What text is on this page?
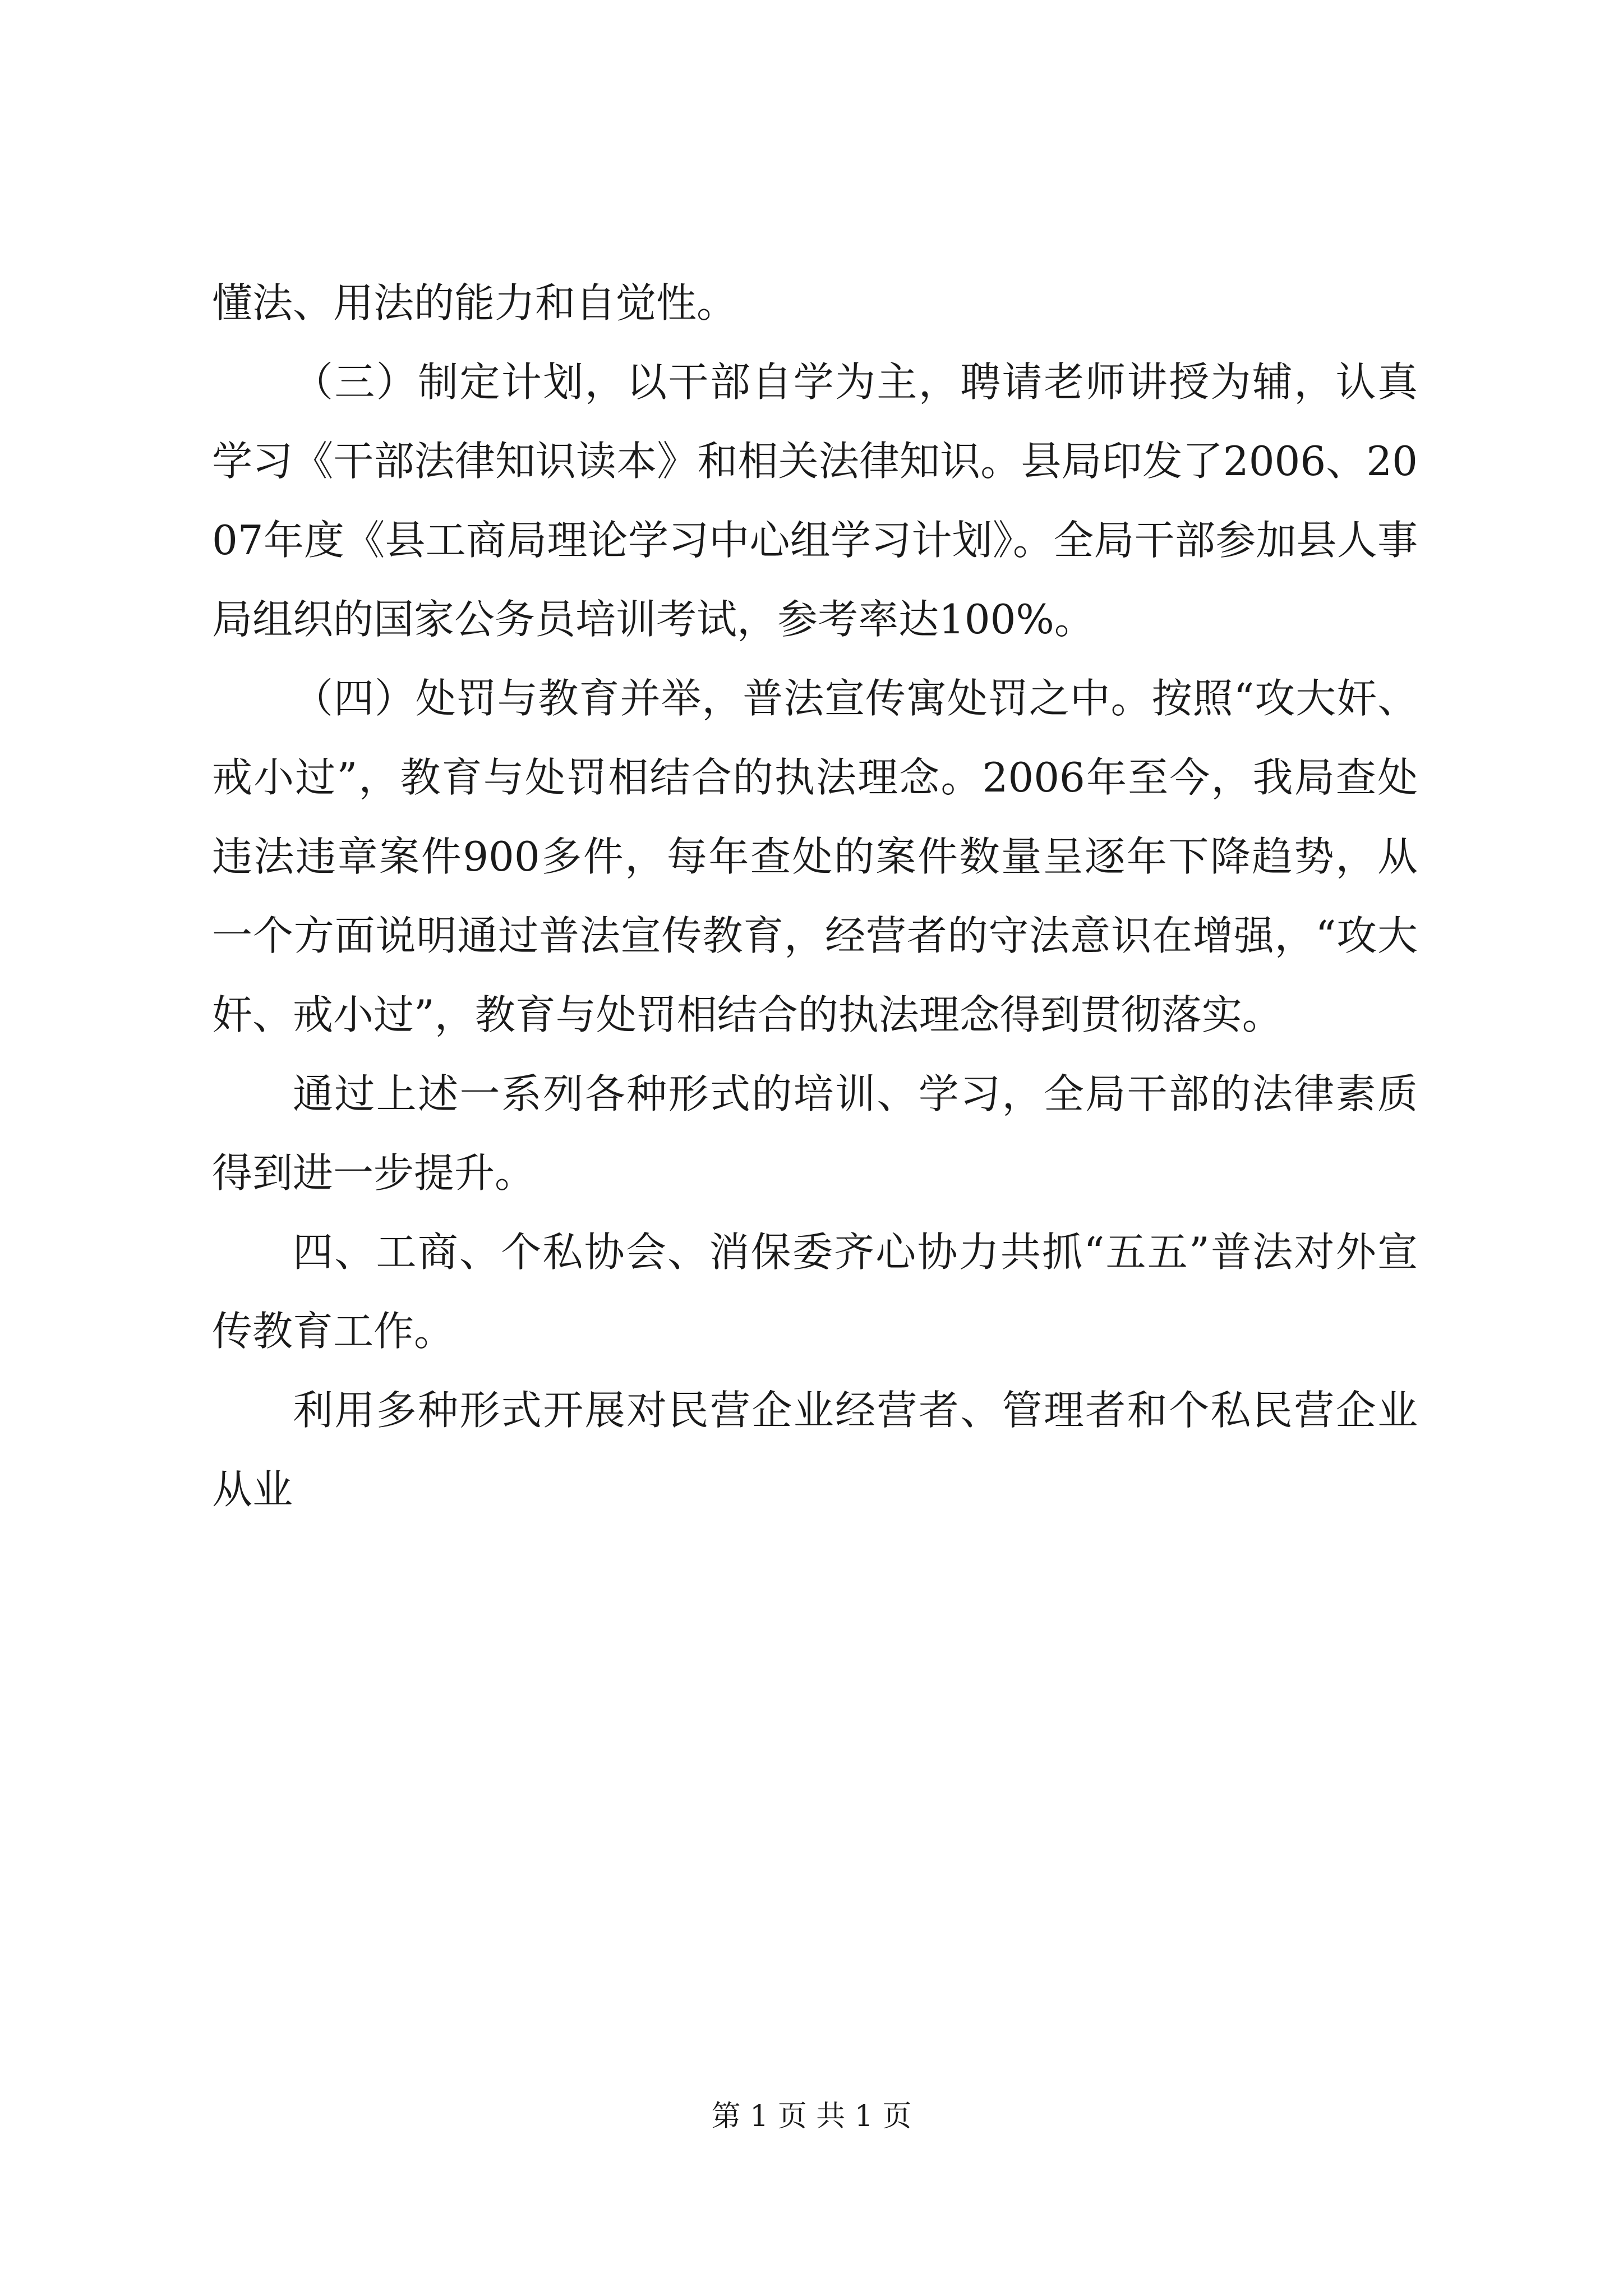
懂法、用法的能力和自觉性。

（三）制定计划，以干部自学为主，聘请老师讲授为辅，认真学习《干部法律知识读本》和相关法律知识。县局印发了2006、2007年度《县工商局理论学习中心组学习计划》。全局干部参加县人事局组织的国家公务员培训考试，参考率达100%。

（四）处罚与教育并举，普法宣传寓处罚之中。按照“攻大奸、戒小过”，教育与处罚相结合的执法理念。2006年至今，我局查处违法违章案件900多件，每年查处的案件数量呈逐年下降趋势，从一个方面说明通过普法宣传教育，经营者的守法意识在增强，“攻大奸、戒小过”，教育与处罚相结合的执法理念得到贯彻落实。

通过上述一系列各种形式的培训、学习，全局干部的法律素质得到进一步提升。

四、工商、个私协会、消保委齐心协力共抓“五五”普法对外宣传教育工作。

利用多种形式开展对民营企业经营者、管理者和个私民营企业从业

第 1 页 共 1 页
